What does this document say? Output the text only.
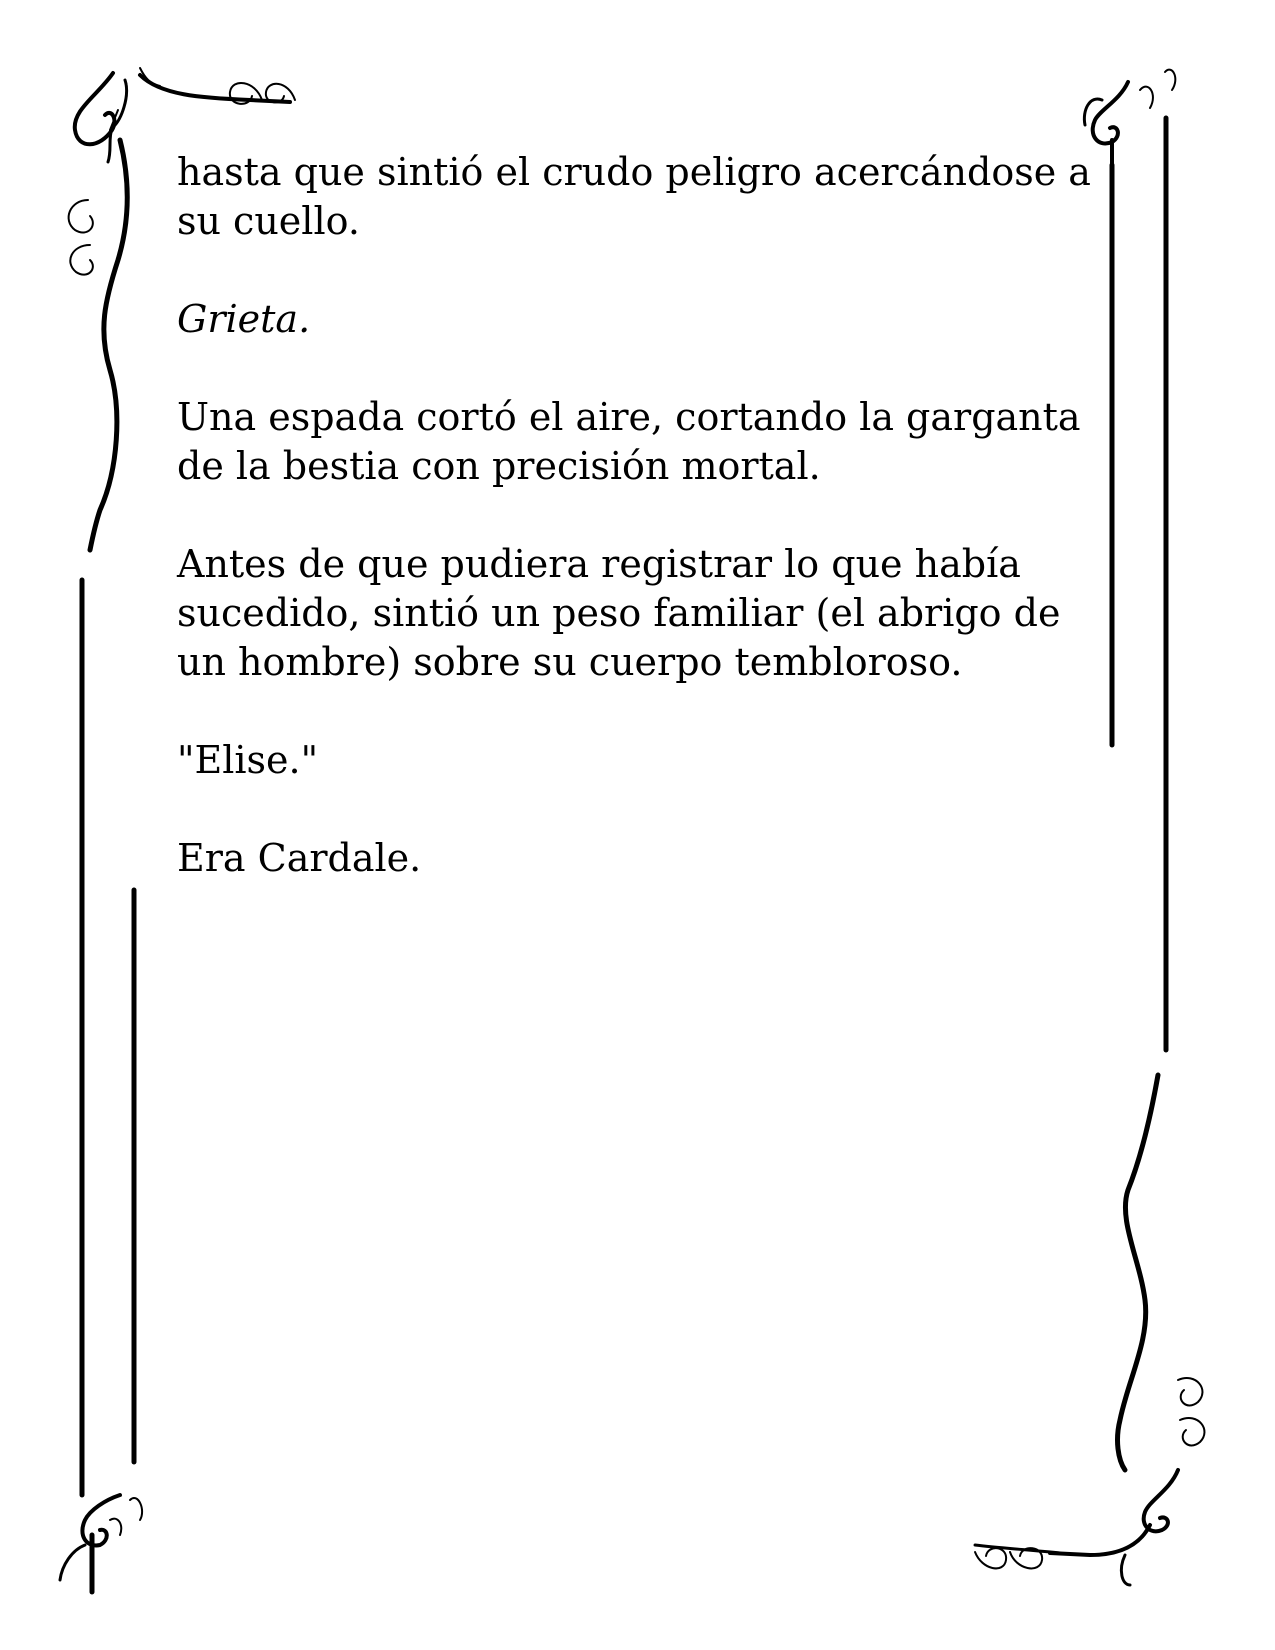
hasta que sintió el crudo peligro acercándose a su cuello.

Grieta.

Una espada cortó el aire, cortando la garganta de la bestia con precisión mortal.

Antes de que pudiera registrar lo que había sucedido, sintió un peso familiar (el abrigo de un hombre) sobre su cuerpo tembloroso.

"Elise."

Era Cardale.
